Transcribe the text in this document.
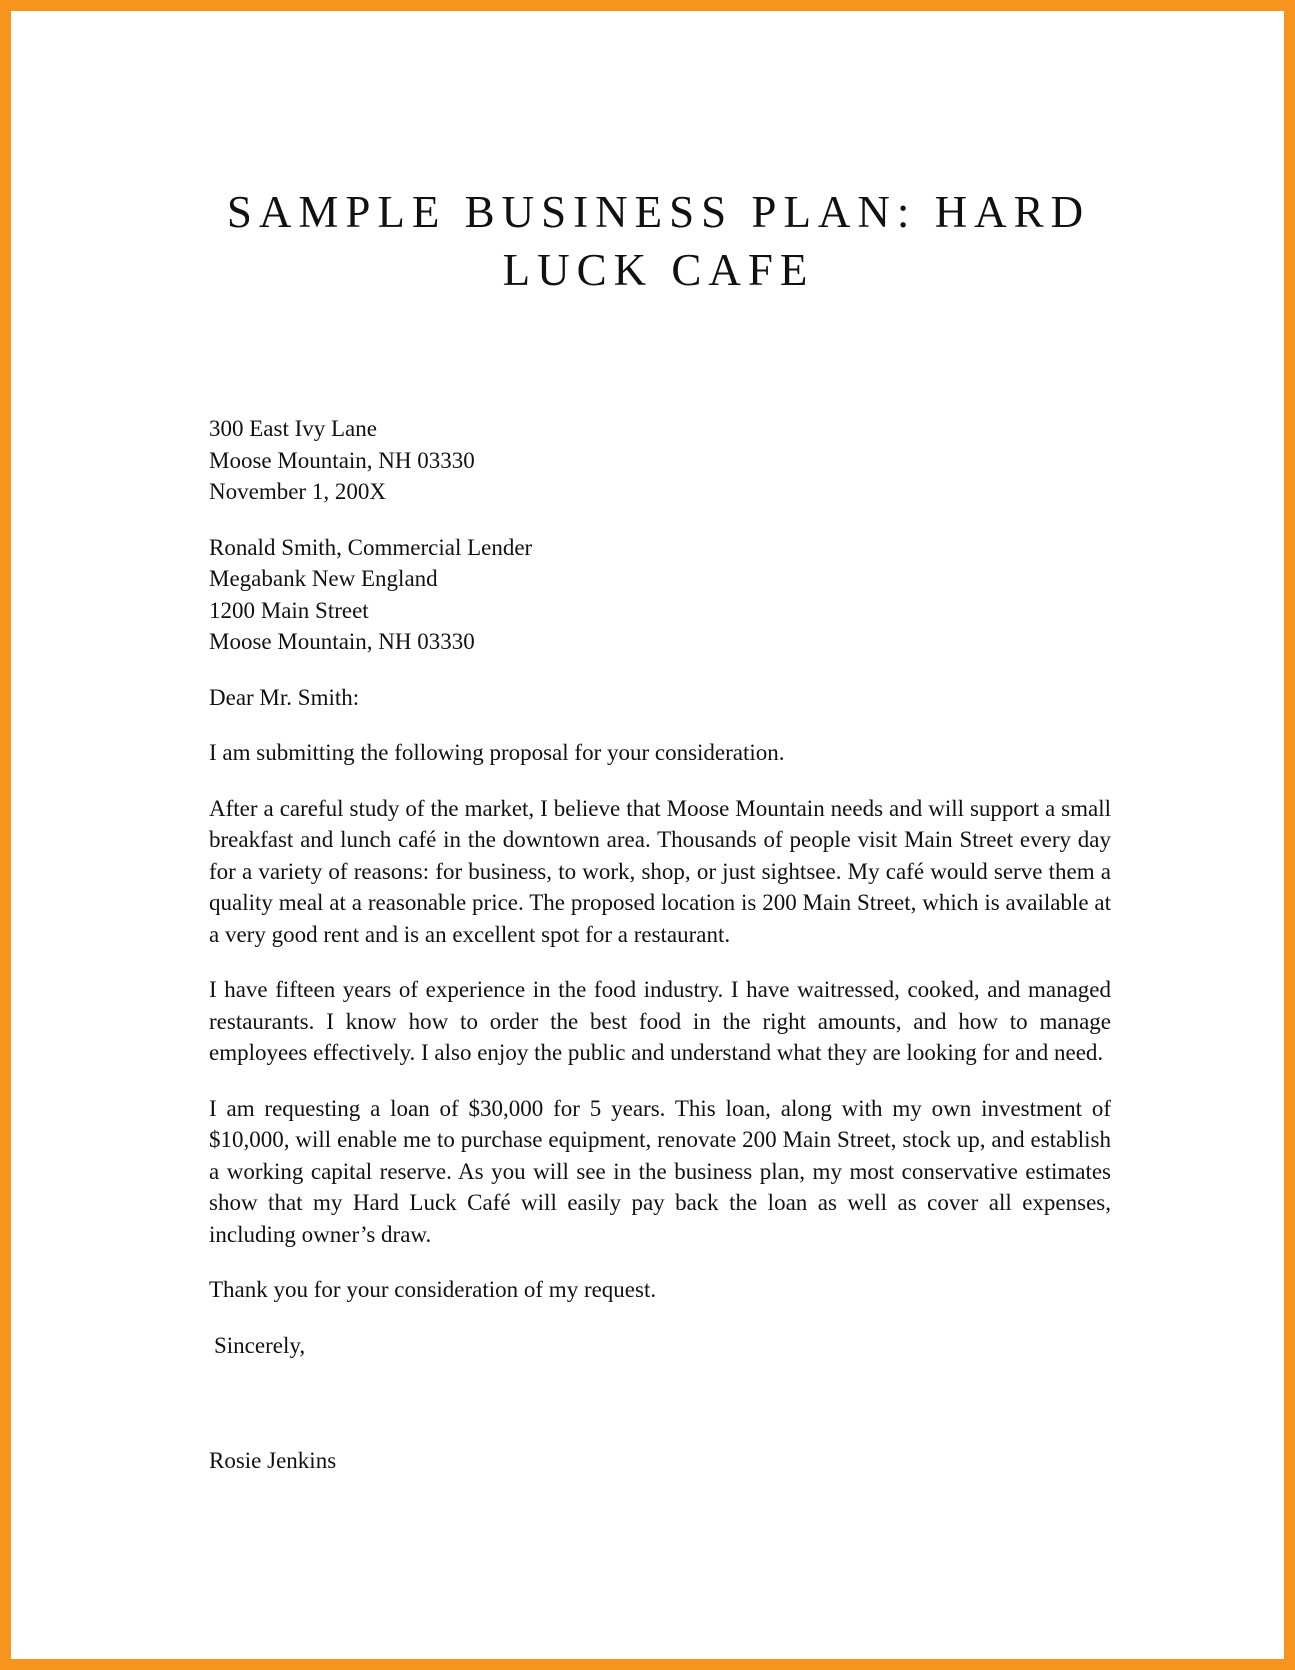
SAMPLE BUSINESS PLAN: HARD
LUCK CAFE
300 East Ivy Lane
Moose Mountain, NH 03330
November 1, 200X
Ronald Smith, Commercial Lender
Megabank New England
1200 Main Street
Moose Mountain, NH 03330

Dear Mr. Smith:

I am submitting the following proposal for your consideration.

After a careful study of the market, I believe that Moose Mountain needs and will support a small breakfast and lunch café in the downtown area. Thousands of people visit Main Street every day for a variety of reasons: for business, to work, shop, or just sightsee. My café would serve them a quality meal at a reasonable price. The proposed location is 200 Main Street, which is available at a very good rent and is an excellent spot for a restaurant.

I have fifteen years of experience in the food industry. I have waitressed, cooked, and managed restaurants. I know how to order the best food in the right amounts, and how to manage employees effectively. I also enjoy the public and understand what they are looking for and need.

I am requesting a loan of $30,000 for 5 years. This loan, along with my own investment of $10,000, will enable me to purchase equipment, renovate 200 Main Street, stock up, and establish a working capital reserve. As you will see in the business plan, my most conservative estimates show that my Hard Luck Café will easily pay back the loan as well as cover all expenses, including owner’s draw.

Thank you for your consideration of my request.

Sincerely,
Rosie Jenkins
